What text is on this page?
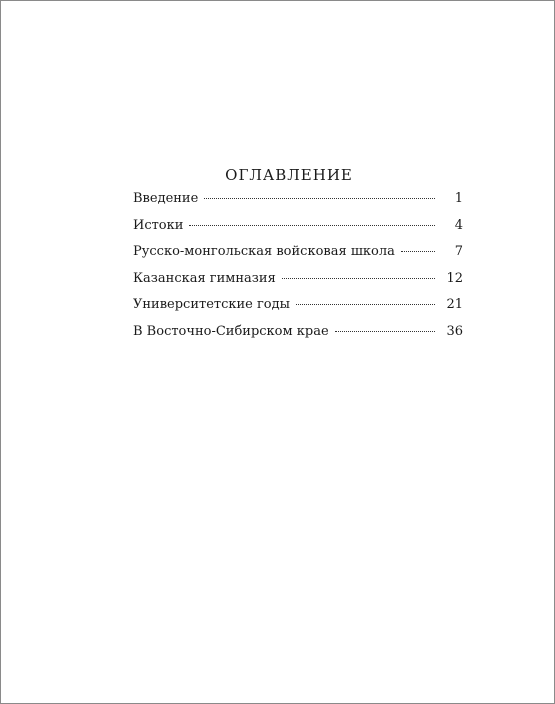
ОГЛАВЛЕНИЕ
Введение	1
Истоки	4
Русско-монгольская войсковая школа	7
Казанская гимназия	12
Университетские годы	21
В Восточно-Сибирском крае	36
